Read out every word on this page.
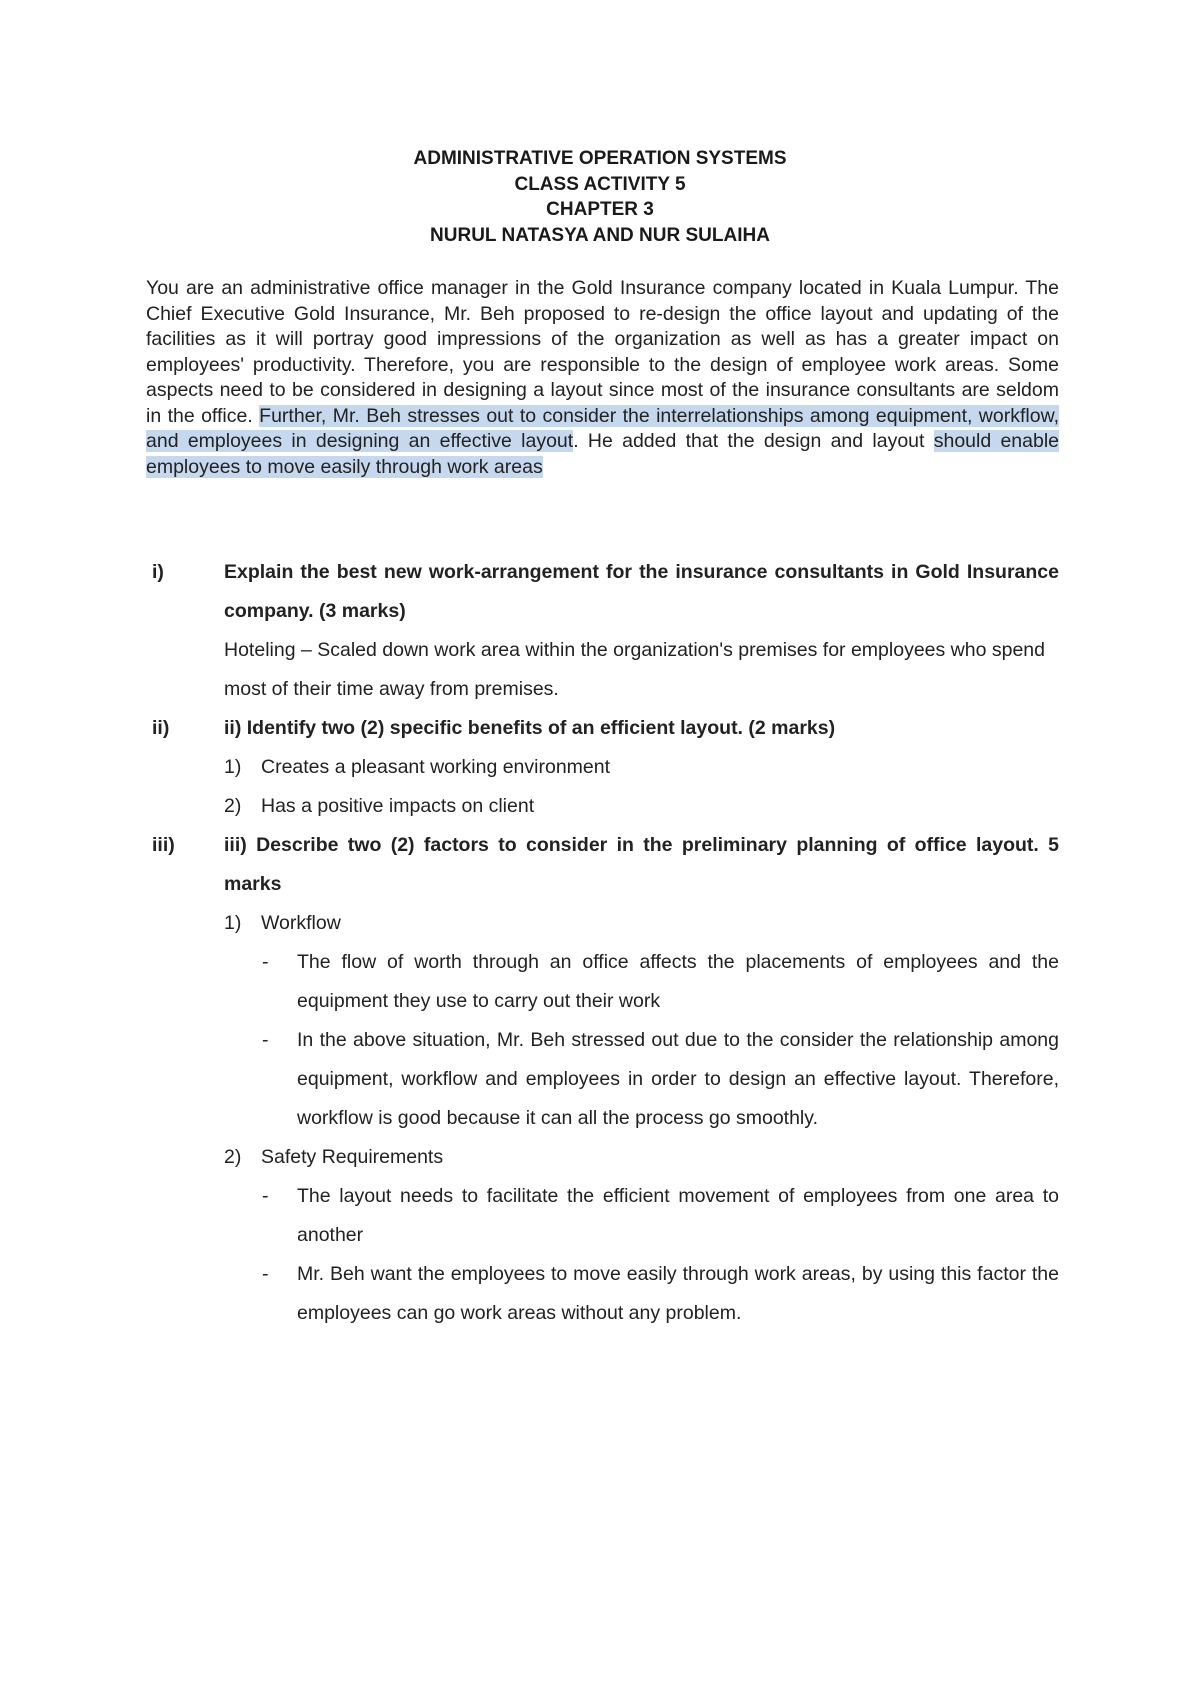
ADMINISTRATIVE OPERATION SYSTEMS
CLASS ACTIVITY 5
CHAPTER 3
NURUL NATASYA AND NUR SULAIHA
You are an administrative office manager in the Gold Insurance company located in Kuala Lumpur. The Chief Executive Gold Insurance, Mr. Beh proposed to re-design the office layout and updating of the facilities as it will portray good impressions of the organization as well as has a greater impact on employees' productivity. Therefore, you are responsible to the design of employee work areas. Some aspects need to be considered in designing a layout since most of the insurance consultants are seldom in the office. Further, Mr. Beh stresses out to consider the interrelationships among equipment, workflow, and employees in designing an effective layout. He added that the design and layout should enable employees to move easily through work areas
i)	Explain the best new work-arrangement for the insurance consultants in Gold Insurance company. (3 marks)
Hoteling – Scaled down work area within the organization's premises for employees who spend most of their time away from premises.
ii)	ii) Identify two (2) specific benefits of an efficient layout. (2 marks)
1) Creates a pleasant working environment
2) Has a positive impacts on client
iii)	iii) Describe two (2) factors to consider in the preliminary planning of office layout. 5 marks
1) Workflow
- The flow of worth through an office affects the placements of employees and the equipment they use to carry out their work
- In the above situation, Mr. Beh stressed out due to the consider the relationship among equipment, workflow and employees in order to design an effective layout. Therefore, workflow is good because it can all the process go smoothly.
2) Safety Requirements
- The layout needs to facilitate the efficient movement of employees from one area to another
- Mr. Beh want the employees to move easily through work areas, by using this factor the employees can go work areas without any problem.
